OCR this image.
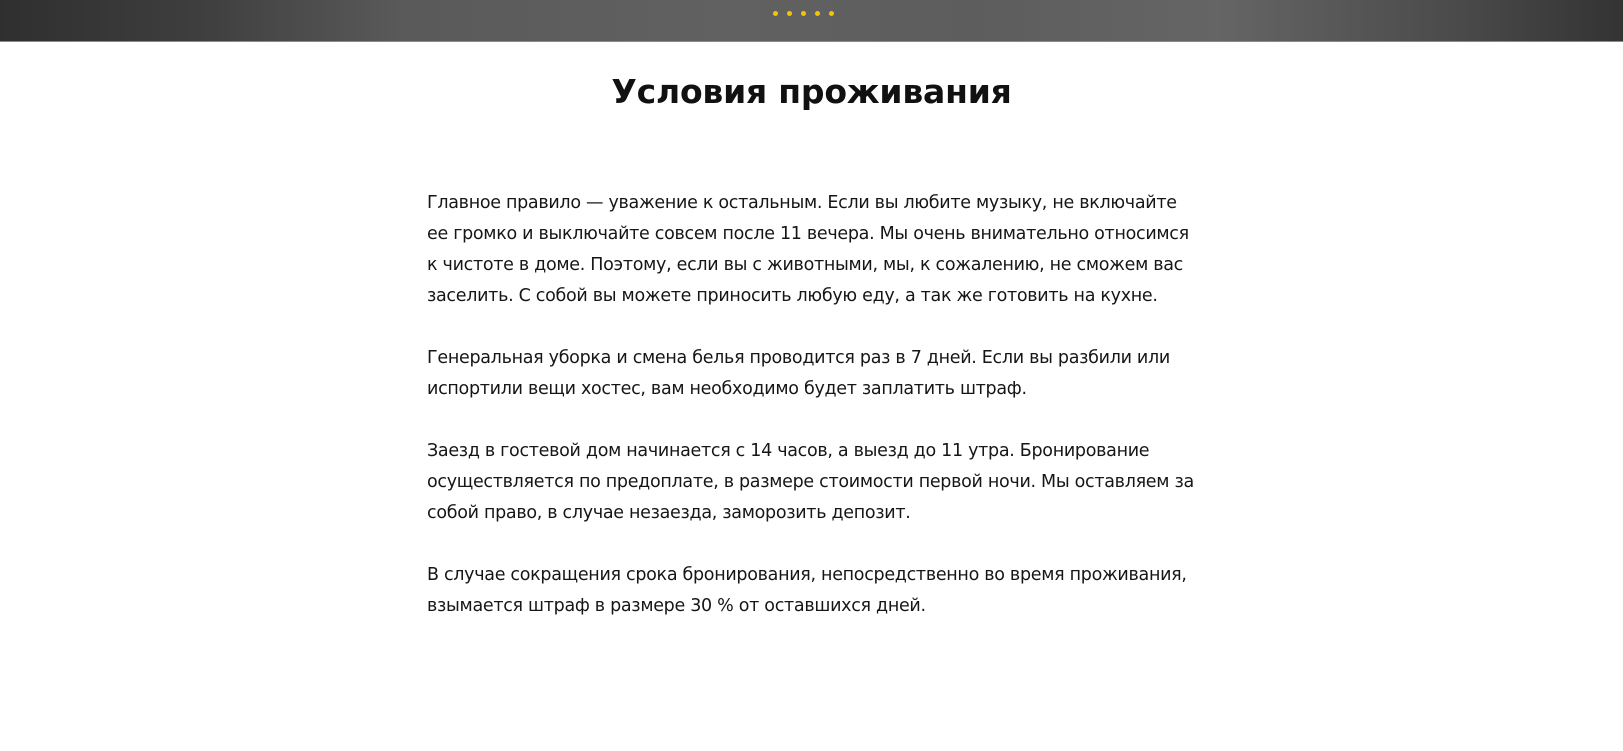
Условия проживания

Главное правило — уважение к остальным. Если вы любите музыку, не включайте ее громко и выключайте совсем после 11 вечера. Мы очень внимательно относимся к чистоте в доме. Поэтому, если вы с животными, мы, к сожалению, не сможем вас заселить. С собой вы можете приносить любую еду, а так же готовить на кухне.

Генеральная уборка и смена белья проводится раз в 7 дней. Если вы разбили или испортили вещи хостес, вам необходимо будет заплатить штраф.

Заезд в гостевой дом начинается с 14 часов, а выезд до 11 утра. Бронирование осуществляется по предоплате, в размере стоимости первой ночи. Мы оставляем за собой право, в случае незаезда, заморозить депозит.

В случае сокращения срока бронирования, непосредственно во время проживания, взымается штраф в размере 30 % от оставшихся дней.
